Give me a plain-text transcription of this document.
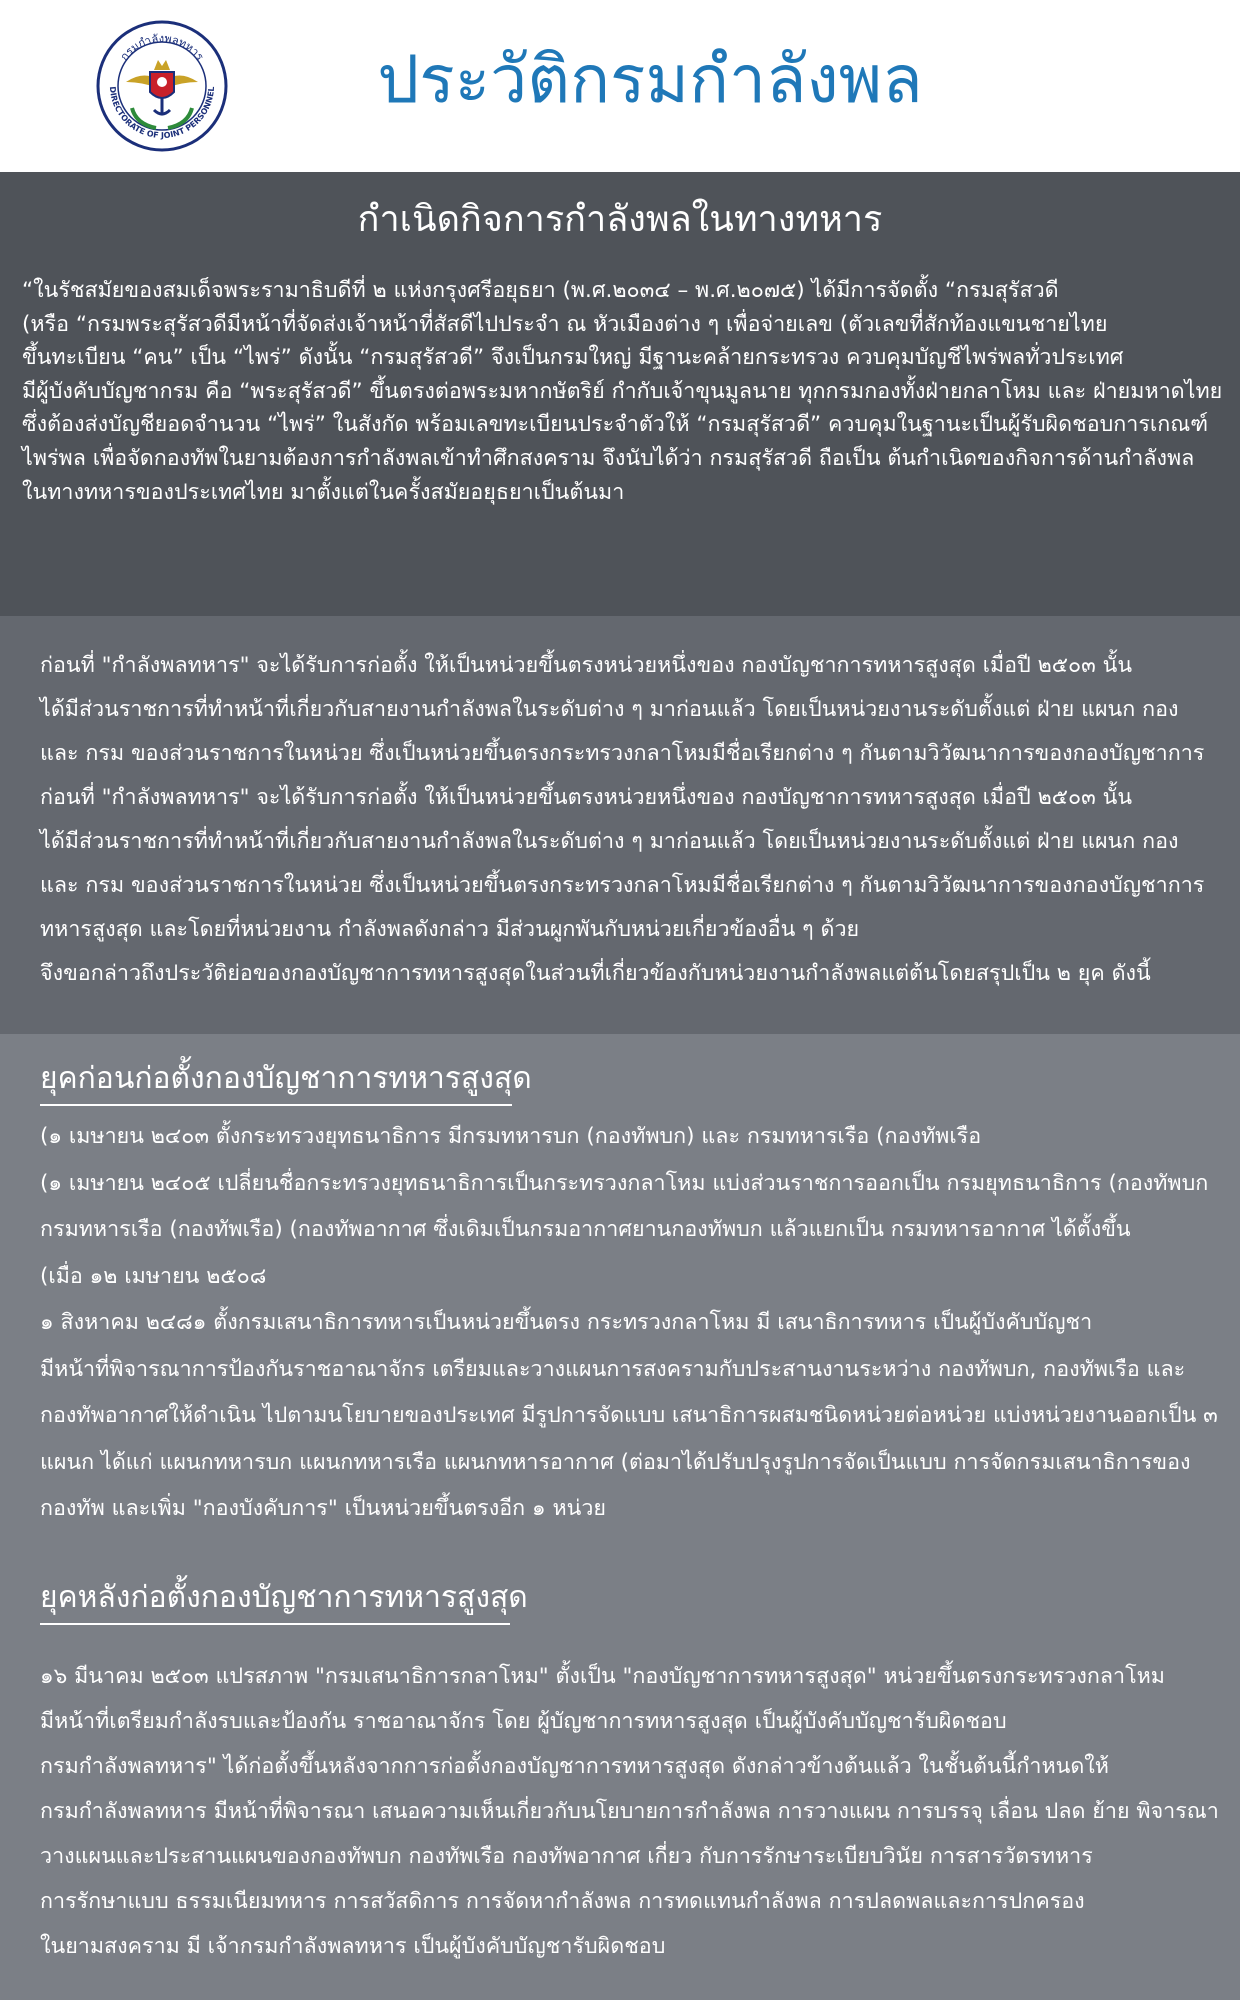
กรมกำลังพลทหาร
DIRECTORATE OF JOINT PERSONNEL	ประวัติกรมกำลังพล
กำเนิดกิจการกำลังพลในทางทหาร
“ในรัชสมัยของสมเด็จพระรามาธิบดีที่ ๒ แห่งกรุงศรีอยุธยา (พ.ศ.๒๐๓๔ – พ.ศ.๒๐๗๕) ได้มีการจัดตั้ง “กรมสุรัสวดี
(หรือ “กรมพระสุรัสวดีมีหน้าที่จัดส่งเจ้าหน้าที่สัสดีไปประจำ ณ หัวเมืองต่าง ๆ เพื่อจ่ายเลข (ตัวเลขที่สักท้องแขนชายไทย
ขึ้นทะเบียน “คน” เป็น “ไพร่” ดังนั้น “กรมสุรัสวดี” จึงเป็นกรมใหญ่ มีฐานะคล้ายกระทรวง ควบคุมบัญชีไพร่พลทั่วประเทศ
มีผู้บังคับบัญชากรม คือ “พระสุรัสวดี” ขึ้นตรงต่อพระมหากษัตริย์ กำกับเจ้าขุนมูลนาย ทุกกรมกองทั้งฝ่ายกลาโหม และ ฝ่ายมหาดไทย
ซึ่งต้องส่งบัญชียอดจำนวน “ไพร่” ในสังกัด พร้อมเลขทะเบียนประจำตัวให้ “กรมสุรัสวดี” ควบคุมในฐานะเป็นผู้รับผิดชอบการเกณฑ์
ไพร่พล เพื่อจัดกองทัพในยามต้องการกำลังพลเข้าทำศึกสงคราม จึงนับได้ว่า กรมสุรัสวดี ถือเป็น ต้นกำเนิดของกิจการด้านกำลังพล
ในทางทหารของประเทศไทย มาตั้งแต่ในครั้งสมัยอยุธยาเป็นต้นมา
ก่อนที่ "กำลังพลทหาร" จะได้รับการก่อตั้ง ให้เป็นหน่วยขึ้นตรงหน่วยหนึ่งของ กองบัญชาการทหารสูงสุด เมื่อปี ๒๕๐๓ นั้น
ได้มีส่วนราชการที่ทำหน้าที่เกี่ยวกับสายงานกำลังพลในระดับต่าง ๆ มาก่อนแล้ว โดยเป็นหน่วยงานระดับตั้งแต่ ฝ่าย แผนก กอง
และ กรม ของส่วนราชการในหน่วย ซึ่งเป็นหน่วยขึ้นตรงกระทรวงกลาโหมมีชื่อเรียกต่าง ๆ กันตามวิวัฒนาการของกองบัญชาการ
ก่อนที่ "กำลังพลทหาร" จะได้รับการก่อตั้ง ให้เป็นหน่วยขึ้นตรงหน่วยหนึ่งของ กองบัญชาการทหารสูงสุด เมื่อปี ๒๕๐๓ นั้น
ได้มีส่วนราชการที่ทำหน้าที่เกี่ยวกับสายงานกำลังพลในระดับต่าง ๆ มาก่อนแล้ว โดยเป็นหน่วยงานระดับตั้งแต่ ฝ่าย แผนก กอง
และ กรม ของส่วนราชการในหน่วย ซึ่งเป็นหน่วยขึ้นตรงกระทรวงกลาโหมมีชื่อเรียกต่าง ๆ กันตามวิวัฒนาการของกองบัญชาการ
ทหารสูงสุด และโดยที่หน่วยงาน กำลังพลดังกล่าว มีส่วนผูกพันกับหน่วยเกี่ยวข้องอื่น ๆ ด้วย
จึงขอกล่าวถึงประวัติย่อของกองบัญชาการทหารสูงสุดในส่วนที่เกี่ยวข้องกับหน่วยงานกำลังพลแต่ต้นโดยสรุปเป็น ๒ ยุค ดังนี้
ยุคก่อนก่อตั้งกองบัญชาการทหารสูงสุด
(๑ เมษายน ๒๔๐๓ ตั้งกระทรวงยุทธนาธิการ มีกรมทหารบก (กองทัพบก) และ กรมทหารเรือ (กองทัพเรือ
(๑ เมษายน ๒๔๐๕ เปลี่ยนชื่อกระทรวงยุทธนาธิการเป็นกระทรวงกลาโหม แบ่งส่วนราชการออกเป็น กรมยุทธนาธิการ (กองทัพบก
กรมทหารเรือ (กองทัพเรือ) (กองทัพอากาศ ซึ่งเดิมเป็นกรมอากาศยานกองทัพบก แล้วแยกเป็น กรมทหารอากาศ ได้ตั้งขึ้น
(เมื่อ ๑๒ เมษายน ๒๕๐๘
๑ สิงหาคม ๒๔๘๑ ตั้งกรมเสนาธิการทหารเป็นหน่วยขึ้นตรง กระทรวงกลาโหม มี เสนาธิการทหาร เป็นผู้บังคับบัญชา
มีหน้าที่พิจารณาการป้องกันราชอาณาจักร เตรียมและวางแผนการสงครามกับประสานงานระหว่าง กองทัพบก, กองทัพเรือ และ
กองทัพอากาศให้ดำเนิน ไปตามนโยบายของประเทศ มีรูปการจัดแบบ เสนาธิการผสมชนิดหน่วยต่อหน่วย แบ่งหน่วยงานออกเป็น ๓
แผนก ได้แก่ แผนกทหารบก แผนกทหารเรือ แผนกทหารอากาศ (ต่อมาได้ปรับปรุงรูปการจัดเป็นแบบ การจัดกรมเสนาธิการของ
กองทัพ และเพิ่ม "กองบังคับการ" เป็นหน่วยขึ้นตรงอีก ๑ หน่วย
ยุคหลังก่อตั้งกองบัญชาการทหารสูงสุด
๑๖ มีนาคม ๒๕๐๓ แปรสภาพ "กรมเสนาธิการกลาโหม" ตั้งเป็น "กองบัญชาการทหารสูงสุด" หน่วยขึ้นตรงกระทรวงกลาโหม
มีหน้าที่เตรียมกำลังรบและป้องกัน ราชอาณาจักร โดย ผู้บัญชาการทหารสูงสุด เป็นผู้บังคับบัญชารับผิดชอบ
กรมกำลังพลทหาร" ได้ก่อตั้งขึ้นหลังจากการก่อตั้งกองบัญชาการทหารสูงสุด ดังกล่าวข้างต้นแล้ว ในชั้นต้นนี้กำหนดให้
กรมกำลังพลทหาร มีหน้าที่พิจารณา เสนอความเห็นเกี่ยวกับนโยบายการกำลังพล การวางแผน การบรรจุ เลื่อน ปลด ย้าย พิจารณา
วางแผนและประสานแผนของกองทัพบก กองทัพเรือ กองทัพอากาศ เกี่ยว กับการรักษาระเบียบวินัย การสารวัตรทหาร
การรักษาแบบ ธรรมเนียมทหาร การสวัสดิการ การจัดหากำลังพล การทดแทนกำลังพล การปลดพลและการปกครอง
ในยามสงคราม มี เจ้ากรมกำลังพลทหาร เป็นผู้บังคับบัญชารับผิดชอบ
